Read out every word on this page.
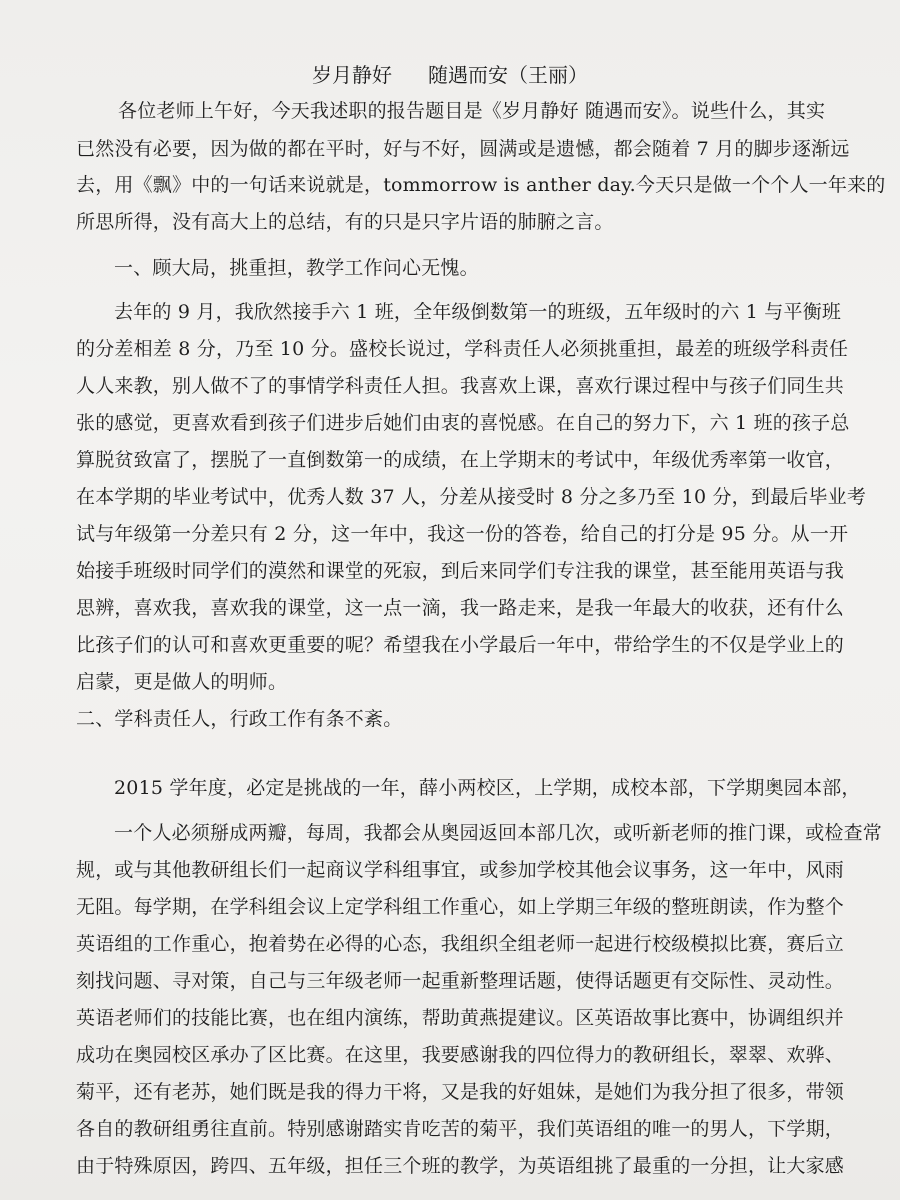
岁月静好 随遇而安（王丽）
各位老师上午好，今天我述职的报告题目是《岁月静好 随遇而安》。说些什么，其实
已然没有必要，因为做的都在平时，好与不好，圆满或是遗憾，都会随着 7 月的脚步逐渐远
去，用《飘》中的一句话来说就是，tommorrow is anther day.今天只是做一个个人一年来的
所思所得，没有高大上的总结，有的只是只字片语的肺腑之言。
一、顾大局，挑重担，教学工作问心无愧。
去年的 9 月，我欣然接手六 1 班，全年级倒数第一的班级，五年级时的六 1 与平衡班
的分差相差 8 分，乃至 10 分。盛校长说过，学科责任人必须挑重担，最差的班级学科责任
人人来教，别人做不了的事情学科责任人担。我喜欢上课，喜欢行课过程中与孩子们同生共
张的感觉，更喜欢看到孩子们进步后她们由衷的喜悦感。在自己的努力下，六 1 班的孩子总
算脱贫致富了，摆脱了一直倒数第一的成绩，在上学期末的考试中，年级优秀率第一收官，
在本学期的毕业考试中，优秀人数 37 人，分差从接受时 8 分之多乃至 10 分，到最后毕业考
试与年级第一分差只有 2 分，这一年中，我这一份的答卷，给自己的打分是 95 分。从一开
始接手班级时同学们的漠然和课堂的死寂，到后来同学们专注我的课堂，甚至能用英语与我
思辨，喜欢我，喜欢我的课堂，这一点一滴，我一路走来，是我一年最大的收获，还有什么
比孩子们的认可和喜欢更重要的呢？希望我在小学最后一年中，带给学生的不仅是学业上的
启蒙，更是做人的明师。
二、学科责任人，行政工作有条不紊。
2015 学年度，必定是挑战的一年，薛小两校区，上学期，成校本部，下学期奥园本部，
一个人必须掰成两瓣，每周，我都会从奥园返回本部几次，或听新老师的推门课，或检查常
规，或与其他教研组长们一起商议学科组事宜，或参加学校其他会议事务，这一年中，风雨
无阻。每学期，在学科组会议上定学科组工作重心，如上学期三年级的整班朗读，作为整个
英语组的工作重心，抱着势在必得的心态，我组织全组老师一起进行校级模拟比赛，赛后立
刻找问题、寻对策，自己与三年级老师一起重新整理话题，使得话题更有交际性、灵动性。
英语老师们的技能比赛，也在组内演练，帮助黄燕提建议。区英语故事比赛中，协调组织并
成功在奥园校区承办了区比赛。在这里，我要感谢我的四位得力的教研组长，翠翠、欢骅、
菊平，还有老苏，她们既是我的得力干将，又是我的好姐妹，是她们为我分担了很多，带领
各自的教研组勇往直前。特别感谢踏实肯吃苦的菊平，我们英语组的唯一的男人，下学期，
由于特殊原因，跨四、五年级，担任三个班的教学，为英语组挑了最重的一分担，让大家感
